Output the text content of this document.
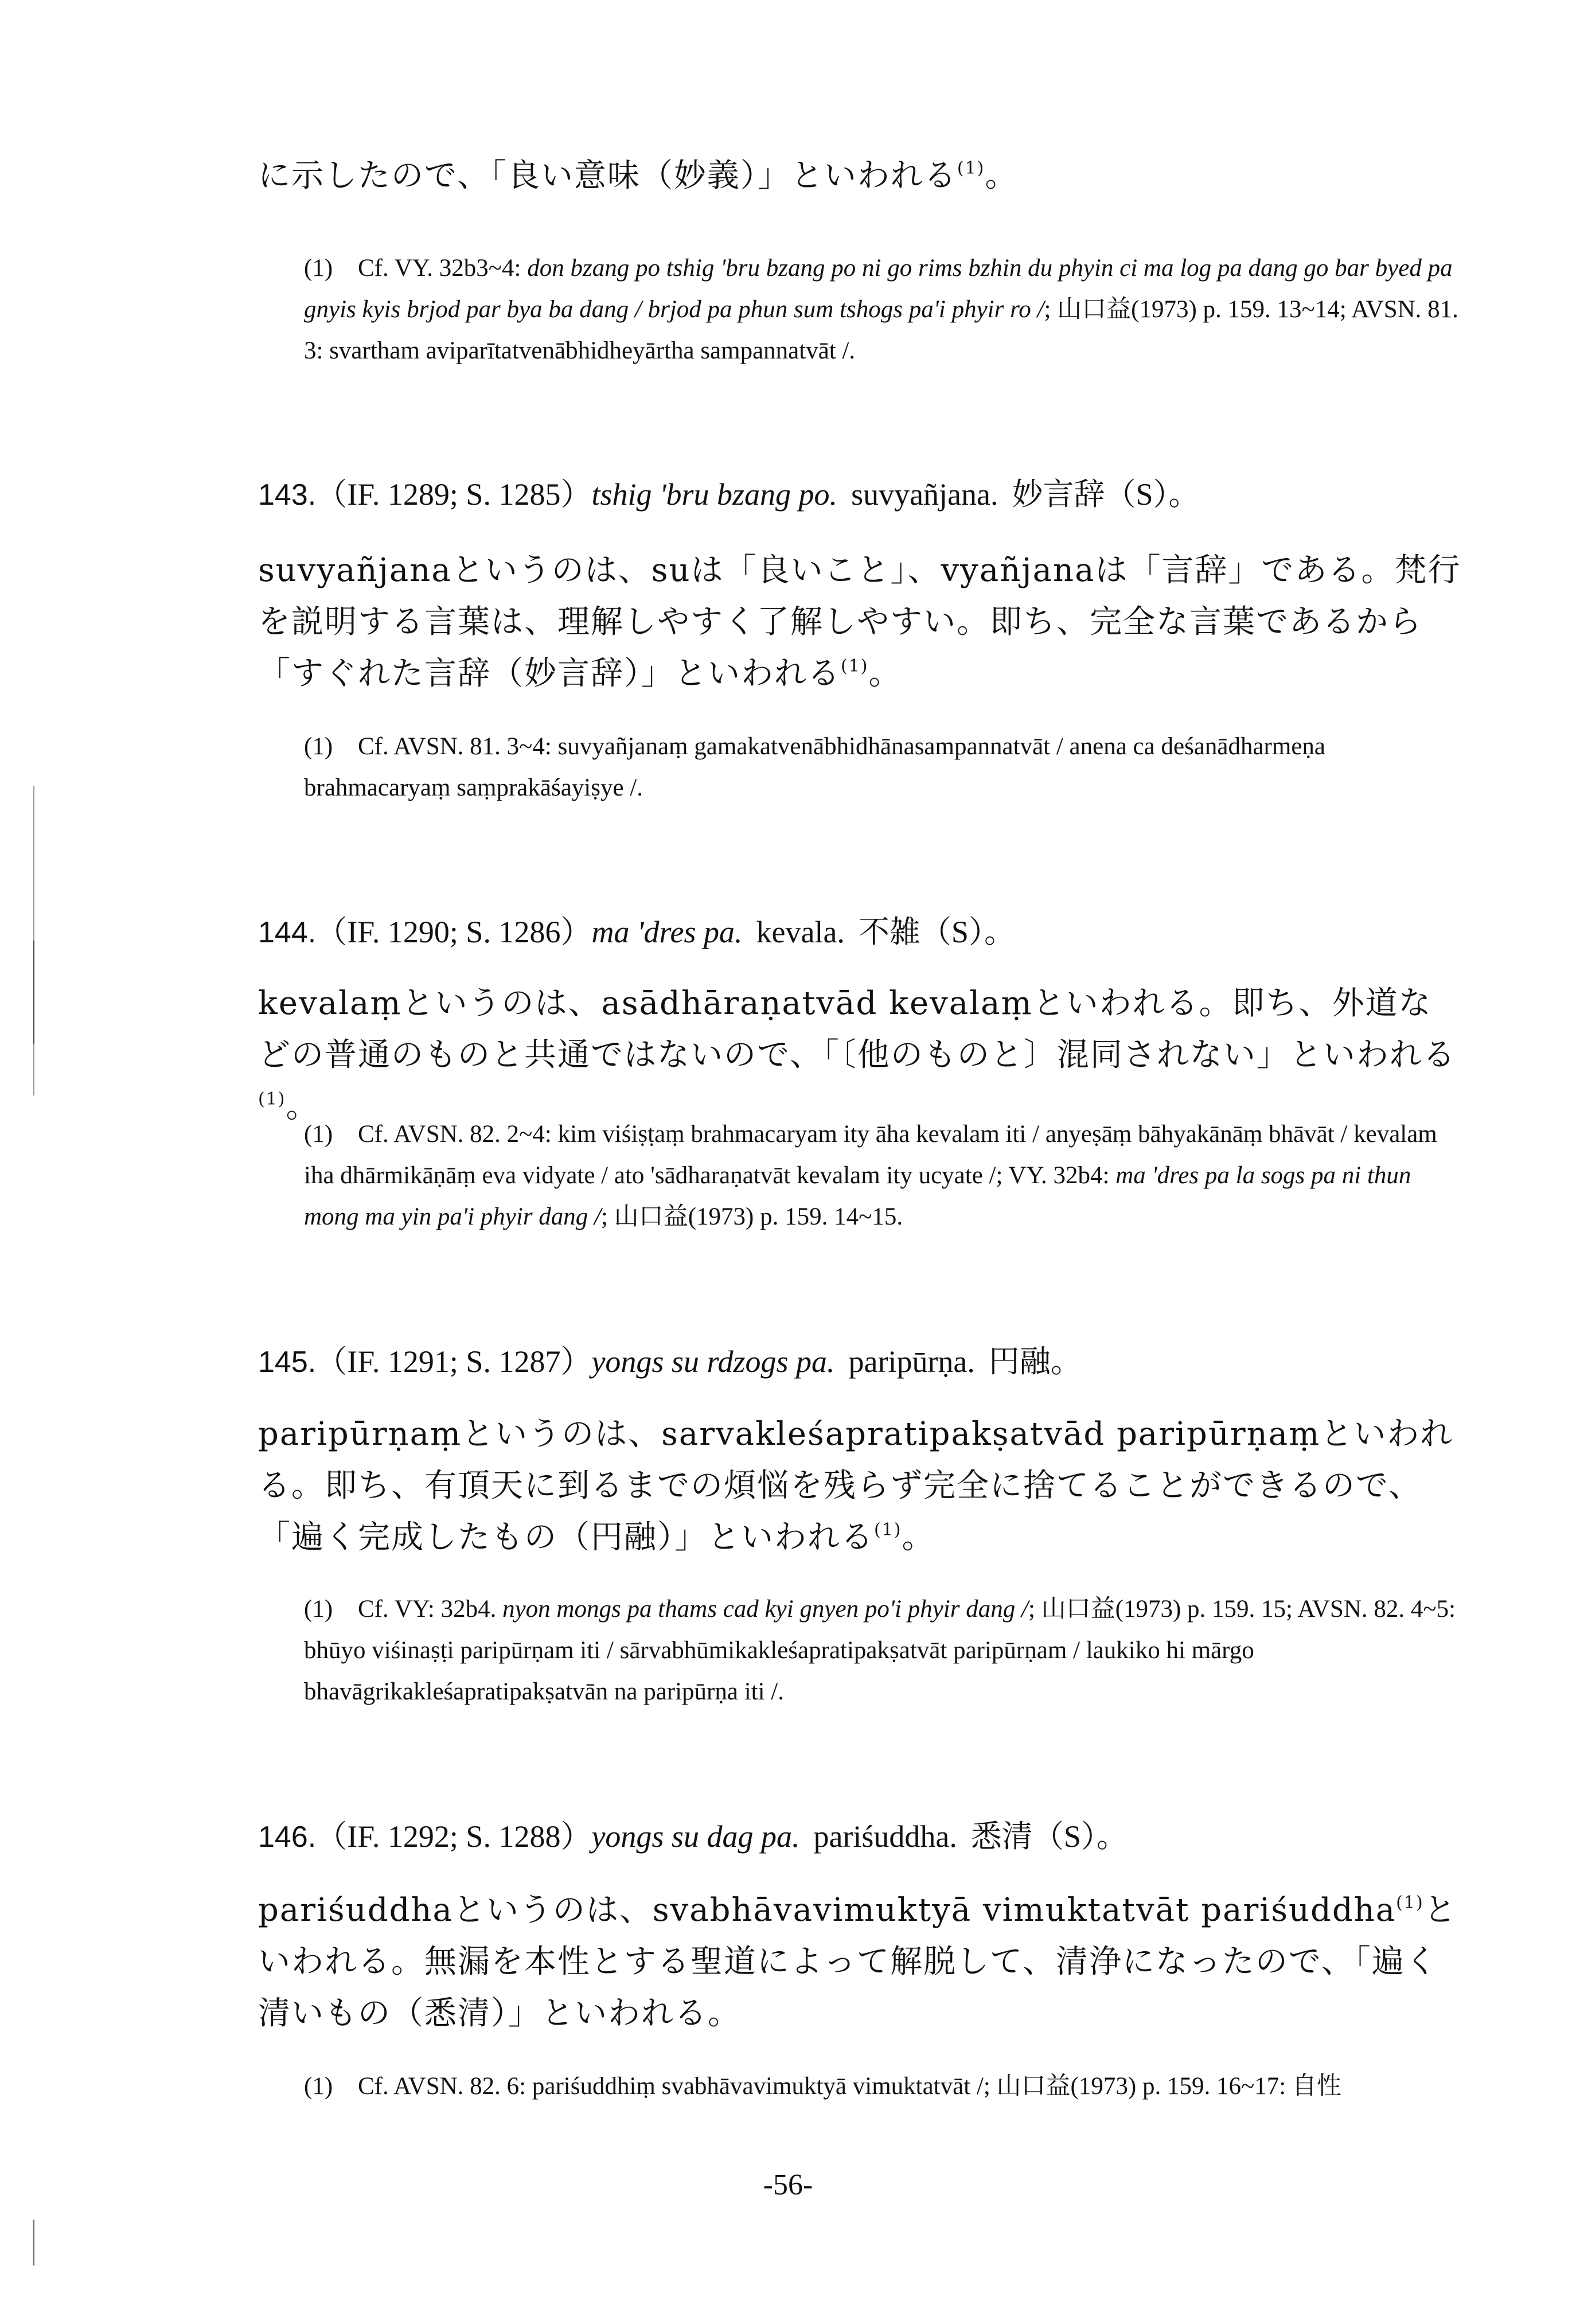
に示したので、「良い意味（妙義）」といわれる$^{(1)}$。

(1) Cf. VY. 32b3~4: don bzang po tshig 'bru bzang po ni go rims bzhin du phyin ci ma log pa dang go bar byed pa gnyis kyis brjod par bya ba dang / brjod pa phun sum tshogs pa'i phyir ro /; 山口益(1973) p. 159. 13~14; AVSN. 81. 3: svartham aviparītatvenābhidheyārtha sampannatvāt /.

143.（IF. 1289; S. 1285）tshig 'bru bzang po. suvyañjana. 妙言辞（S）。

suvyañjanaというのは、suは「良いこと」、vyañjanaは「言辞」である。梵行を説明する言葉は、理解しやすく了解しやすい。即ち、完全な言葉であるから「すぐれた言辞（妙言辞）」といわれる$^{(1)}$。

(1) Cf. AVSN. 81. 3~4: suvyañjanaṃ gamakatvenābhidhānasampannatvāt / anena ca deśanādharmeṇa brahmacaryaṃ saṃprakāśayiṣye /.

144.（IF. 1290; S. 1286）ma 'dres pa. kevala. 不雑（S）。

kevalaṃというのは、asādhāraṇatvād kevalaṃといわれる。即ち、外道などの普通のものと共通ではないので、「〔他のものと〕混同されない」といわれる$^{(1)}$。

(1) Cf. AVSN. 82. 2~4: kim viśiṣṭaṃ brahmacaryam ity āha kevalam iti / anyeṣāṃ bāhyakānāṃ bhāvāt / kevalam iha dhārmikāṇāṃ eva vidyate / ato 'sādharaṇatvāt kevalam ity ucyate /; VY. 32b4: ma 'dres pa la sogs pa ni thun mong ma yin pa'i phyir dang /; 山口益(1973) p. 159. 14~15.

145.（IF. 1291; S. 1287）yongs su rdzogs pa. paripūrṇa. 円融。

paripūrṇaṃというのは、sarvakleśapratipakṣatvād paripūrṇaṃといわれる。即ち、有頂天に到るまでの煩悩を残らず完全に捨てることができるので、「遍く完成したもの（円融）」といわれる$^{(1)}$。

(1) Cf. VY: 32b4. nyon mongs pa thams cad kyi gnyen po'i phyir dang /; 山口益(1973) p. 159. 15; AVSN. 82. 4~5: bhūyo viśinaṣṭi paripūrṇam iti / sārvabhūmikakleśapratipakṣatvāt paripūrṇam / laukiko hi mārgo bhavāgrikakleśapratipakṣatvān na paripūrṇa iti /.

146.（IF. 1292; S. 1288）yongs su dag pa. pariśuddha. 悉清（S）。

pariśuddhaというのは、svabhāvavimuktyā vimuktatvāt pariśuddha$^{(1)}$といわれる。無漏を本性とする聖道によって解脱して、清浄になったので、「遍く清いもの（悉清）」といわれる。

(1) Cf. AVSN. 82. 6: pariśuddhiṃ svabhāvavimuktyā vimuktatvāt /; 山口益(1973) p. 159. 16~17: 自性
-56-
